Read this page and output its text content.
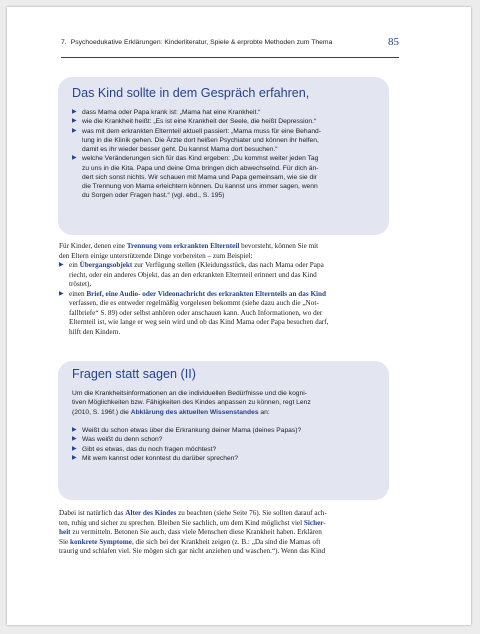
7. Psychoedukative Erklärungen: Kinderliteratur, Spiele & erprobte Methoden zum Thema	85
Das Kind sollte in dem Gespräch erfahren,
▶ dass Mama oder Papa krank ist: „Mama hat eine Krankheit.“
▶ wie die Krankheit heißt: „Es ist eine Krankheit der Seele, die heißt Depression.“
▶ was mit dem erkrankten Elternteil aktuell passiert: „Mama muss für eine Behand-
lung in die Klinik gehen. Die Ärzte dort heißen Psychiater und können ihr helfen,
damit es ihr wieder besser geht. Du kannst Mama dort besuchen.“
▶ welche Veränderungen sich für das Kind ergeben: „Du kommst weiter jeden Tag
zu uns in die Kita. Papa und deine Oma bringen dich abwechselnd. Für dich än-
dert sich sonst nichts. Wir schauen mit Mama und Papa gemeinsam, wie sie dir
die Trennung von Mama erleichtern können. Du kannst uns immer sagen, wenn
du Sorgen oder Fragen hast.“ (vgl. ebd., S. 195)

Für Kinder, denen eine Trennung vom erkrankten Elternteil bevorsteht, können Sie mit
den Eltern einige unterstützende Dinge vorbereiten – zum Beispiel:

▶ ein Übergangsobjekt zur Verfügung stellen (Kleidungsstück, das nach Mama oder Papa
riecht, oder ein anderes Objekt, das an den erkrankten Elternteil erinnert und das Kind
tröstet),
▶ einen Brief, eine Audio- oder Videonachricht des erkrankten Elternteils an das Kind
verfassen, die es entweder regelmäßig vorgelesen bekommt (siehe dazu auch die „Not-
fallbriefe“ S. 89) oder selbst anhören oder anschauen kann. Auch Informationen, wo der
Elternteil ist, wie lange er weg sein wird und ob das Kind Mama oder Papa besuchen darf,
hilft den Kindern.
Fragen statt sagen (II)

Um die Krankheitsinformationen an die individuellen Bedürfnisse und die kogni-
tiven Möglichkeiten bzw. Fähigkeiten des Kindes anpassen zu können, regt Lenz
(2010, S. 196f.) die Abklärung des aktuellen Wissenstandes an:

▶ Weißt du schon etwas über die Erkrankung deiner Mama (deines Papas)?
▶ Was weißt du denn schon?
▶ Gibt es etwas, das du noch fragen möchtest?
▶ Mit wem kannst oder konntest du darüber sprechen?

Dabei ist natürlich das Alter des Kindes zu beachten (siehe Seite 76). Sie sollten darauf ach-
ten, ruhig und sicher zu sprechen. Bleiben Sie sachlich, um dem Kind möglichst viel Sicher-
heit zu vermitteln. Betonen Sie auch, dass viele Menschen diese Krankheit haben. Erklären
Sie konkrete Symptome, die sich bei der Krankheit zeigen (z. B.: „Da sind die Mamas oft
traurig und schlafen viel. Sie mögen sich gar nicht anziehen und waschen.“). Wenn das Kind
